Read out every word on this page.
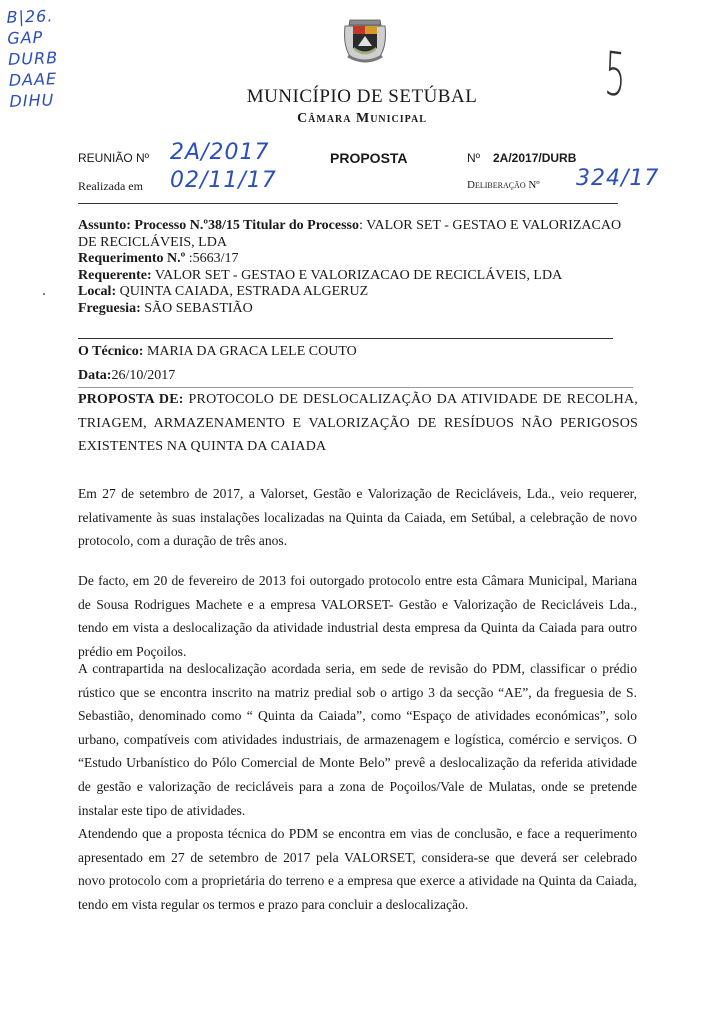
B|26.
GAP
DURB
DAAE
DIHU	5
MUNICÍPIO DE SETÚBAL
Câmara Municipal
REUNIÃO Nº 2A/2017	PROPOSTA	Nº 2A/2017/DURB
Realizada em 02/11/17	Deliberação Nº 324/17
Assunto: Processo N.º38/15 Titular do Processo: VALOR SET - GESTAO E VALORIZACAO DE RECICLÁVEIS, LDA
Requerimento N.º :5663/17
Requerente: VALOR SET - GESTAO E VALORIZACAO DE RECICLÁVEIS, LDA
Local: QUINTA CAIADA, ESTRADA ALGERUZ
Freguesia: SÃO SEBASTIÃO
O Técnico: MARIA DA GRACA LELE COUTO
Data:26/10/2017
PROPOSTA DE: PROTOCOLO DE DESLOCALIZAÇÃO DA ATIVIDADE DE RECOLHA, TRIAGEM, ARMAZENAMENTO E VALORIZAÇÃO DE RESÍDUOS NÃO PERIGOSOS EXISTENTES NA QUINTA DA CAIADA

Em 27 de setembro de 2017, a Valorset, Gestão e Valorização de Recicláveis, Lda., veio requerer, relativamente às suas instalações localizadas na Quinta da Caiada, em Setúbal, a celebração de novo protocolo, com a duração de três anos.

De facto, em 20 de fevereiro de 2013 foi outorgado protocolo entre esta Câmara Municipal, Mariana de Sousa Rodrigues Machete e a empresa VALORSET- Gestão e Valorização de Recicláveis Lda., tendo em vista a deslocalização da atividade industrial desta empresa da Quinta da Caiada para outro prédio em Poçoilos.

A contrapartida na deslocalização acordada seria, em sede de revisão do PDM, classificar o prédio rústico que se encontra inscrito na matriz predial sob o artigo 3 da secção “AE”, da freguesia de S. Sebastião, denominado como “ Quinta da Caiada”, como “Espaço de atividades económicas”, solo urbano, compatíveis com atividades industriais, de armazenagem e logística, comércio e serviços. O “Estudo Urbanístico do Pólo Comercial de Monte Belo” prevê a deslocalização da referida atividade de gestão e valorização de recicláveis para a zona de Poçoilos/Vale de Mulatas, onde se pretende instalar este tipo de atividades.

Atendendo que a proposta técnica do PDM se encontra em vias de conclusão, e face a requerimento apresentado em 27 de setembro de 2017 pela VALORSET, considera-se que deverá ser celebrado novo protocolo com a proprietária do terreno e a empresa que exerce a atividade na Quinta da Caiada, tendo em vista regular os termos e prazo para concluir a deslocalização.
